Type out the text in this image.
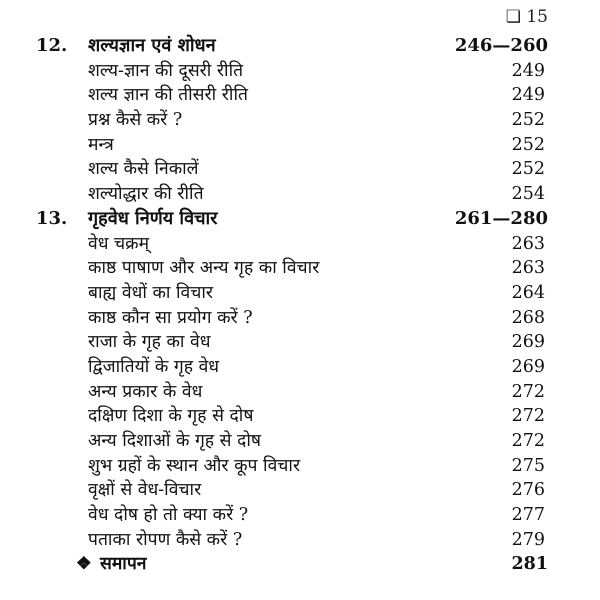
❏ 15
12. शल्यज्ञान एवं शोधन	246—260
शल्य-ज्ञान की दूसरी रीति	249
शल्य ज्ञान की तीसरी रीति	249
प्रश्न कैसे करें ?	252
मन्त्र	252
शल्य कैसे निकालें	252
शल्योद्धार की रीति	254
13. गृहवेध निर्णय विचार	261—280
वेध चक्रम्	263
काष्ठ पाषाण और अन्य गृह का विचार	263
बाह्य वेधों का विचार	264
काष्ठ कौन सा प्रयोग करें ?	268
राजा के गृह का वेध	269
द्विजातियों के गृह वेध	269
अन्य प्रकार के वेध	272
दक्षिण दिशा के गृह से दोष	272
अन्य दिशाओं के गृह से दोष	272
शुभ ग्रहों के स्थान और कूप विचार	275
वृक्षों से वेध-विचार	276
वेध दोष हो तो क्या करें ?	277
पताका रोपण कैसे करें ?	279
❖ समापन	281
